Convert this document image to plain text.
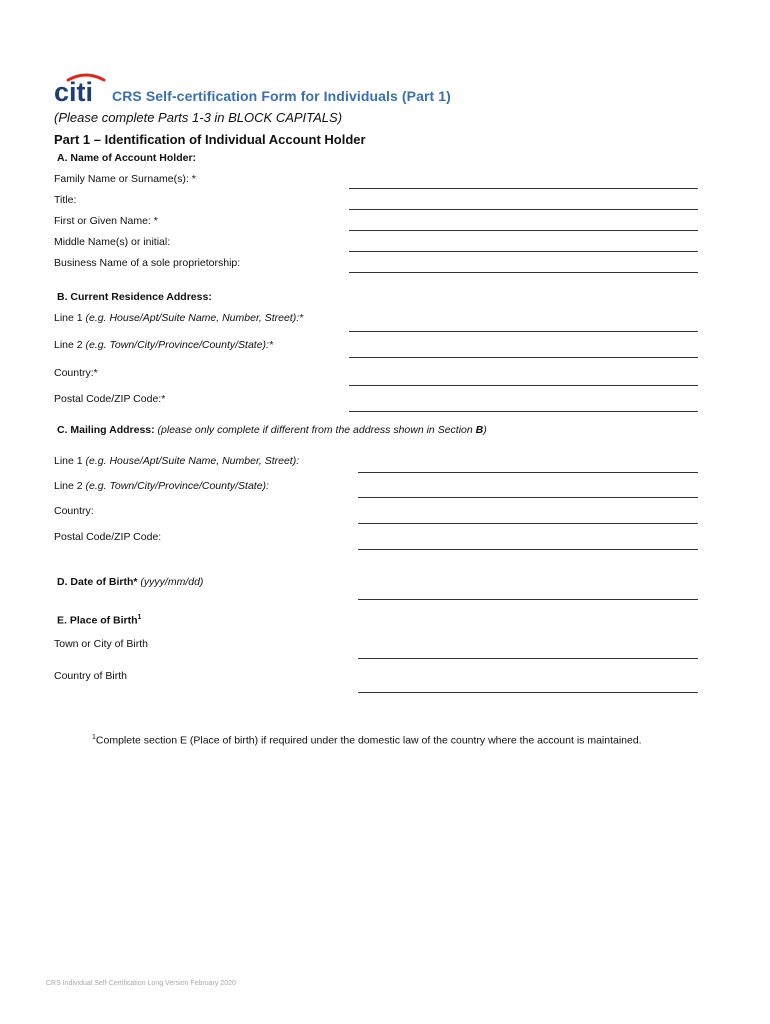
citi CRS Self-certification Form for Individuals (Part 1)
(Please complete Parts 1-3 in BLOCK CAPITALS)
Part 1 – Identification of Individual Account Holder
A. Name of Account Holder:
Family Name or Surname(s): *
Title:
First or Given Name: *
Middle Name(s) or initial:
Business Name of a sole proprietorship:
B. Current Residence Address:
Line 1 (e.g. House/Apt/Suite Name, Number, Street):*
Line 2 (e.g. Town/City/Province/County/State):*
Country:*
Postal Code/ZIP Code:*
C. Mailing Address: (please only complete if different from the address shown in Section B)
Line 1 (e.g. House/Apt/Suite Name, Number, Street):
Line 2 (e.g. Town/City/Province/County/State):
Country:
Postal Code/ZIP Code:
D. Date of Birth* (yyyy/mm/dd)
E. Place of Birth$^1$
Town or City of Birth
Country of Birth
$^1$Complete section E (Place of birth) if required under the domestic law of the country where the account is maintained.
CRS Individual Self-Certification Long Version February 2020
